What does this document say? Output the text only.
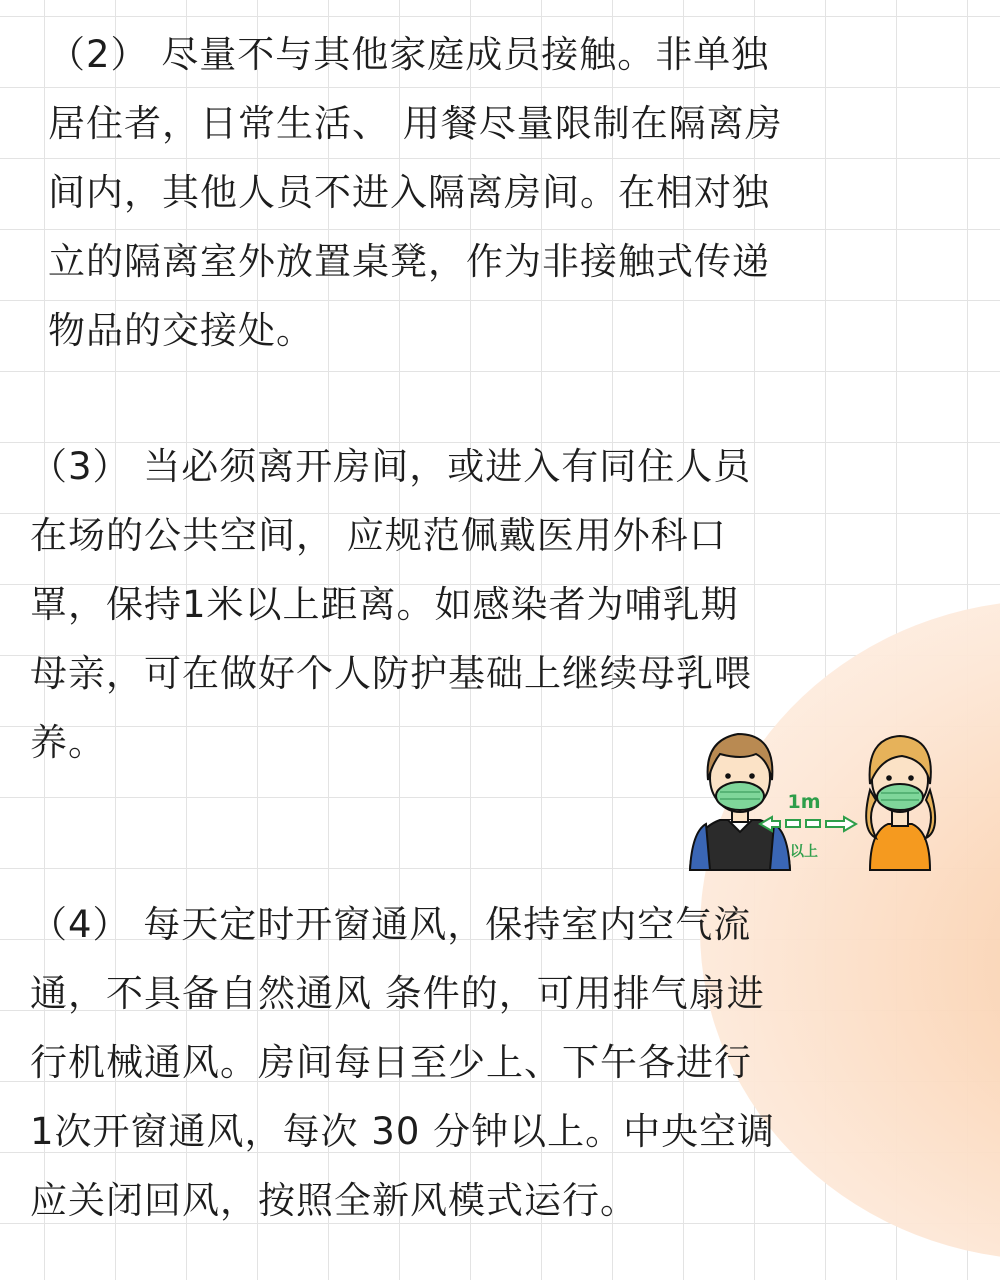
（2） 尽量不与其他家庭成员接触。非单独
居住者，日常生活、 用餐尽量限制在隔离房
间内，其他人员不进入隔离房间。在相对独
立的隔离室外放置桌凳，作为非接触式传递
物品的交接处。
（3） 当必须离开房间，或进入有同住人员
在场的公共空间， 应规范佩戴医用外科口
罩，保持1米以上距离。如感染者为哺乳期
母亲，可在做好个人防护基础上继续母乳喂
养。
（4） 每天定时开窗通风，保持室内空气流
通，不具备自然通风 条件的，可用排气扇进
行机械通风。房间每日至少上、下午各进行
1次开窗通风，每次 30 分钟以上。中央空调
应关闭回风，按照全新风模式运行。
1m
以上
